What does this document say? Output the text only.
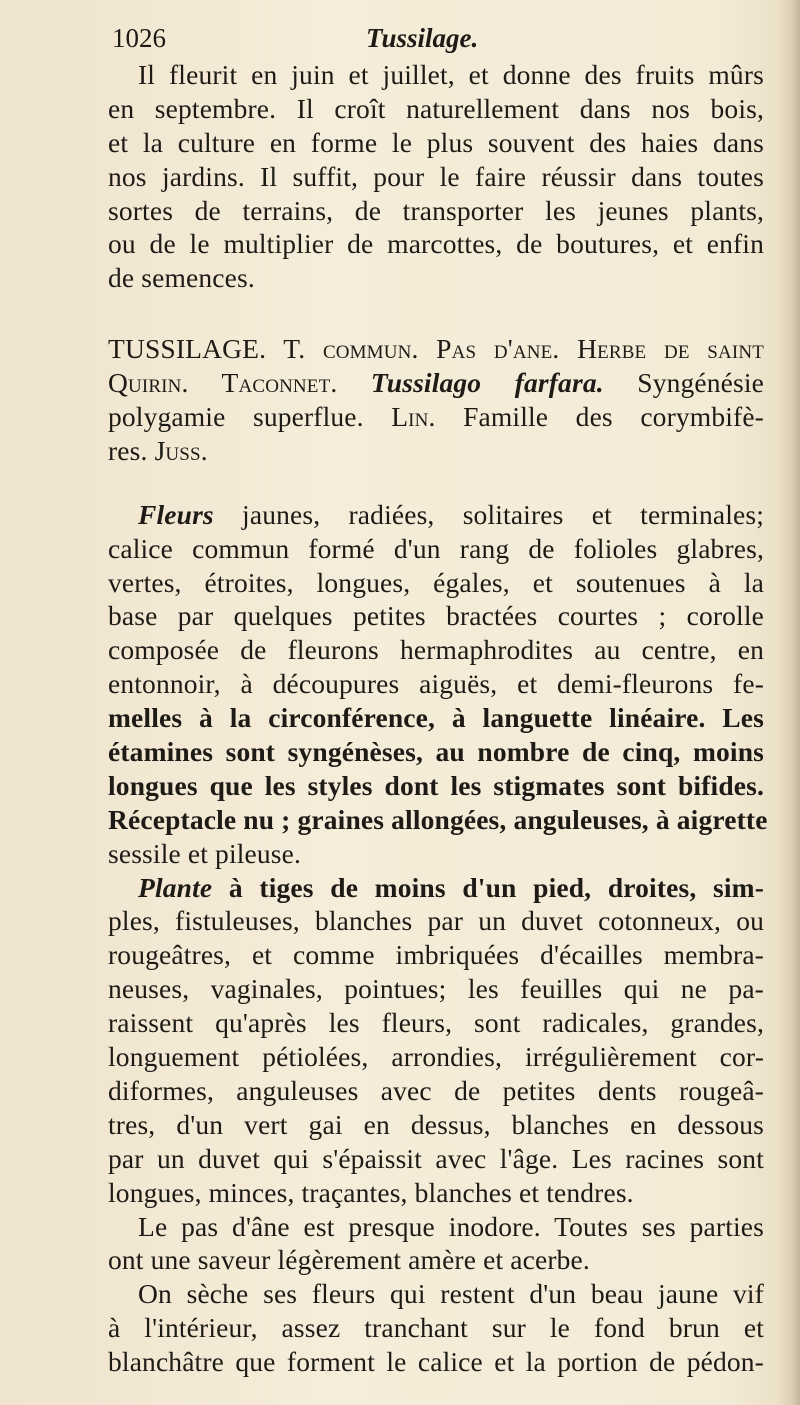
1026	Tussilage.
Il fleurit en juin et juillet, et donne des fruits mûrs
en septembre. Il croît naturellement dans nos bois,
et la culture en forme le plus souvent des haies dans
nos jardins. Il suffit, pour le faire réussir dans toutes
sortes de terrains, de transporter les jeunes plants,
ou de le multiplier de marcottes, de boutures, et enfin
de semences.
TUSSILAGE. T. commun. Pas d'ane. Herbe de saint
Quirin. Taconnet. Tussilago farfara. Syngénésie
polygamie superflue. Lin. Famille des corymbifè-
res. Juss.
Fleurs jaunes, radiées, solitaires et terminales;
calice commun formé d'un rang de folioles glabres,
vertes, étroites, longues, égales, et soutenues à la
base par quelques petites bractées courtes ; corolle
composée de fleurons hermaphrodites au centre, en
entonnoir, à découpures aiguës, et demi-fleurons fe-
melles à la circonférence, à languette linéaire. Les
étamines sont syngénèses, au nombre de cinq, moins
longues que les styles dont les stigmates sont bifides.
Réceptacle nu ; graines allongées, anguleuses, à aigrette
sessile et pileuse.
Plante à tiges de moins d'un pied, droites, sim-
ples, fistuleuses, blanches par un duvet cotonneux, ou
rougeâtres, et comme imbriquées d'écailles membra-
neuses, vaginales, pointues; les feuilles qui ne pa-
raissent qu'après les fleurs, sont radicales, grandes,
longuement pétiolées, arrondies, irrégulièrement cor-
diformes, anguleuses avec de petites dents rougeâ-
tres, d'un vert gai en dessus, blanches en dessous
par un duvet qui s'épaissit avec l'âge. Les racines sont
longues, minces, traçantes, blanches et tendres.
Le pas d'âne est presque inodore. Toutes ses parties
ont une saveur légèrement amère et acerbe.
On sèche ses fleurs qui restent d'un beau jaune vif
à l'intérieur, assez tranchant sur le fond brun et
blanchâtre que forment le calice et la portion de pédon-
